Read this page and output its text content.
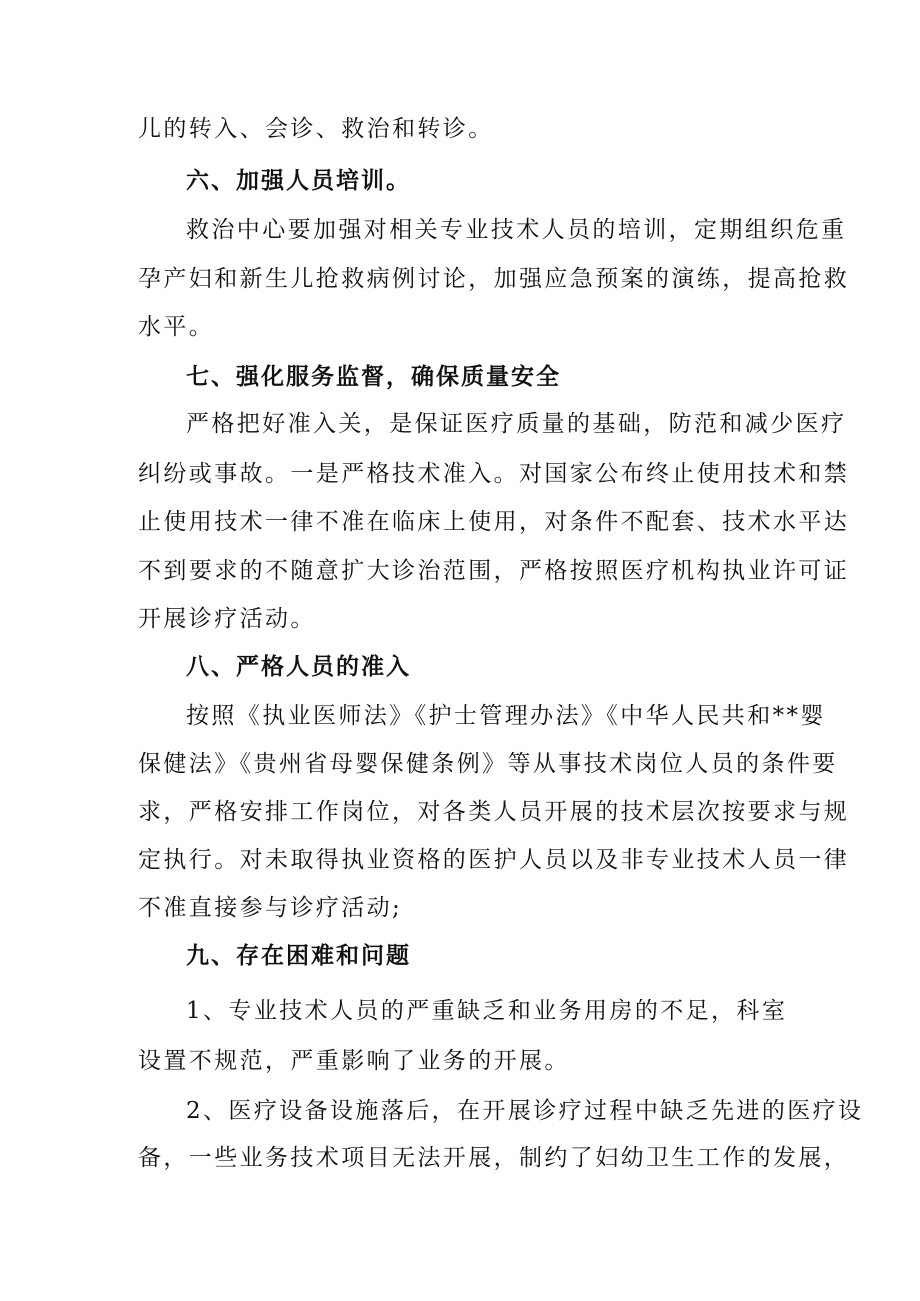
儿的转入、会诊、救治和转诊。
六、加强人员培训。
救治中心要加强对相关专业技术人员的培训，定期组织危重
孕产妇和新生儿抢救病例讨论，加强应急预案的演练，提高抢救
水平。
七、强化服务监督，确保质量安全
严格把好准入关，是保证医疗质量的基础，防范和减少医疗
纠纷或事故。一是严格技术准入。对国家公布终止使用技术和禁
止使用技术一律不准在临床上使用，对条件不配套、技术水平达
不到要求的不随意扩大诊治范围，严格按照医疗机构执业许可证
开展诊疗活动。
八、严格人员的准入
按照《执业医师法》《护士管理办法》《中华人民共和**婴
保健法》《贵州省母婴保健条例》等从事技术岗位人员的条件要
求，严格安排工作岗位，对各类人员开展的技术层次按要求与规
定执行。对未取得执业资格的医护人员以及非专业技术人员一律
不准直接参与诊疗活动;
九、存在困难和问题
1、专业技术人员的严重缺乏和业务用房的不足，科室
设置不规范，严重影响了业务的开展。
2、医疗设备设施落后，在开展诊疗过程中缺乏先进的医疗设
备，一些业务技术项目无法开展，制约了妇幼卫生工作的发展，
